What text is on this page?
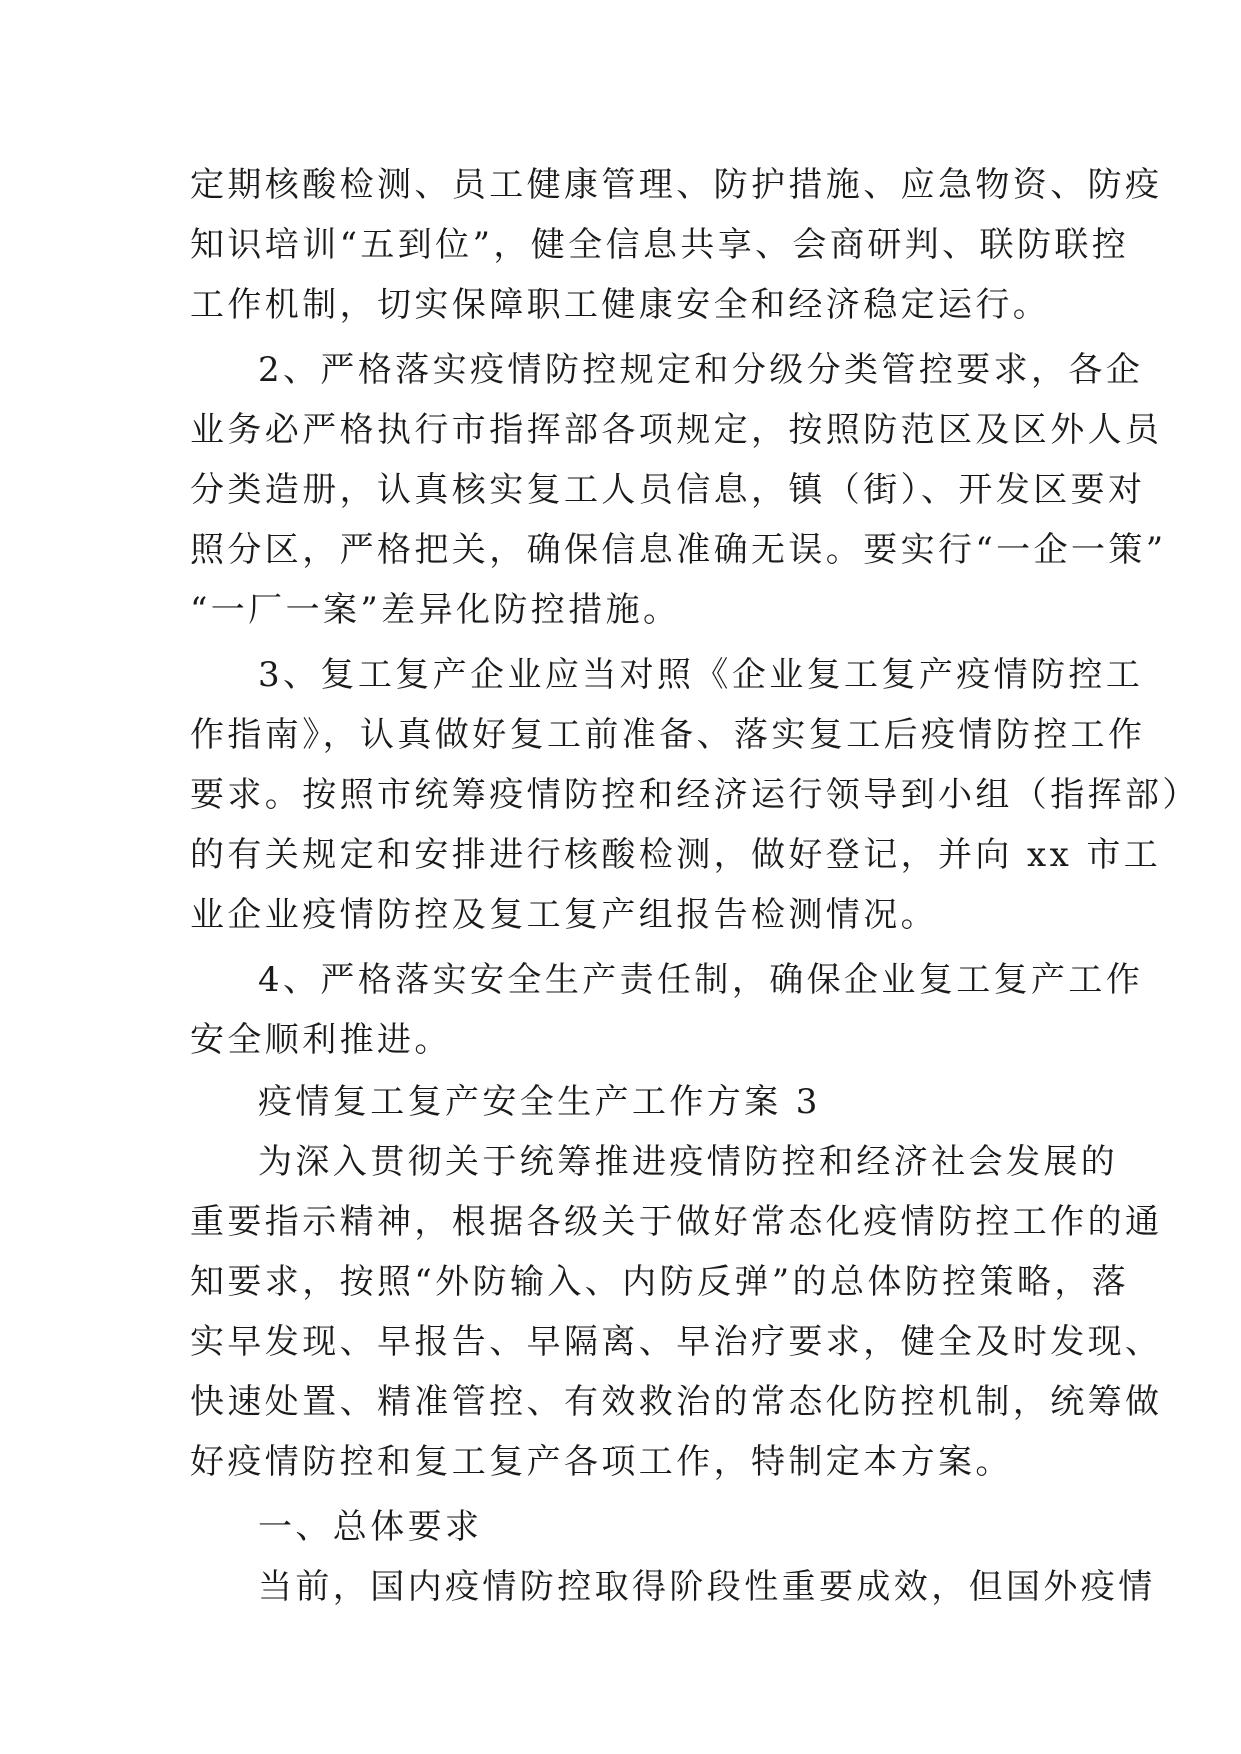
定期核酸检测、员工健康管理、防护措施、应急物资、防疫
知识培训“五到位”，健全信息共享、会商研判、联防联控
工作机制，切实保障职工健康安全和经济稳定运行。
2、严格落实疫情防控规定和分级分类管控要求，各企
业务必严格执行市指挥部各项规定，按照防范区及区外人员
分类造册，认真核实复工人员信息，镇（街）、开发区要对
照分区，严格把关，确保信息准确无误。要实行“一企一策”
“一厂一案”差异化防控措施。
3、复工复产企业应当对照《企业复工复产疫情防控工
作指南》，认真做好复工前准备、落实复工后疫情防控工作
要求。按照市统筹疫情防控和经济运行领导到小组（指挥部）
的有关规定和安排进行核酸检测，做好登记，并向 xx 市工
业企业疫情防控及复工复产组报告检测情况。
4、严格落实安全生产责任制，确保企业复工复产工作
安全顺利推进。
疫情复工复产安全生产工作方案 3
为深入贯彻关于统筹推进疫情防控和经济社会发展的
重要指示精神，根据各级关于做好常态化疫情防控工作的通
知要求，按照“外防输入、内防反弹”的总体防控策略，落
实早发现、早报告、早隔离、早治疗要求，健全及时发现、
快速处置、精准管控、有效救治的常态化防控机制，统筹做
好疫情防控和复工复产各项工作，特制定本方案。
一、总体要求
当前，国内疫情防控取得阶段性重要成效，但国外疫情
